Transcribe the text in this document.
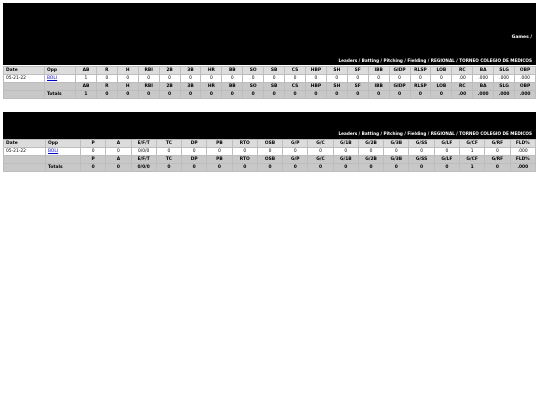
ROMERO, ALFREDO REGIONAL
Bats: R Throws: R
Pos: CF
Games /
Batting by Game ROMERO, ALFREDO
Leaders / Batting / Pitching / Fielding / REGIONAL / TORNEO COLEGIO DE MEDICOS
Date	Opp	AB	R	H	RBI	2B	3B	HR	BB	SO	SB	CS	HBP	SH	SF	IBB	GIDP	RLSP	LOB	RC	BA	SLG	OBP
05-21-22	BOLI	1	0	0	0	0	0	0	0	0	0	0	0	0	0	0	0	0	0	.00	.000	.000	.000
		AB	R	H	RBI	2B	3B	HR	BB	SO	SB	CS	HBP	SH	SF	IBB	GIDP	RLSP	LOB	RC	BA	SLG	OBP
	Totals	1	0	0	0	0	0	0	0	0	0	0	0	0	0	0	0	0	0	.00	.000	.000	.000
Fielding by Game ROMERO, ALFREDO
Leaders / Batting / Pitching / Fielding / REGIONAL / TORNEO COLEGIO DE MEDICOS
Date	Opp	P	A	E/F/T	TC	DP	PB	RTO	OSB	G/P	G/C	G/1B	G/2B	G/3B	G/SS	G/LF	G/CF	G/RF	FLD%
05-21-22	BOLI	0	0	0/0/0	0	0	0	0	0	0	0	0	0	0	0	0	1	0	.000
		P	A	E/F/T	TC	DP	PB	RTO	OSB	G/P	G/C	G/1B	G/2B	G/3B	G/SS	G/LF	G/CF	G/RF	FLD%
	Totals	0	0	0/0/0	0	0	0	0	0	0	0	0	0	0	0	0	1	0	.000
